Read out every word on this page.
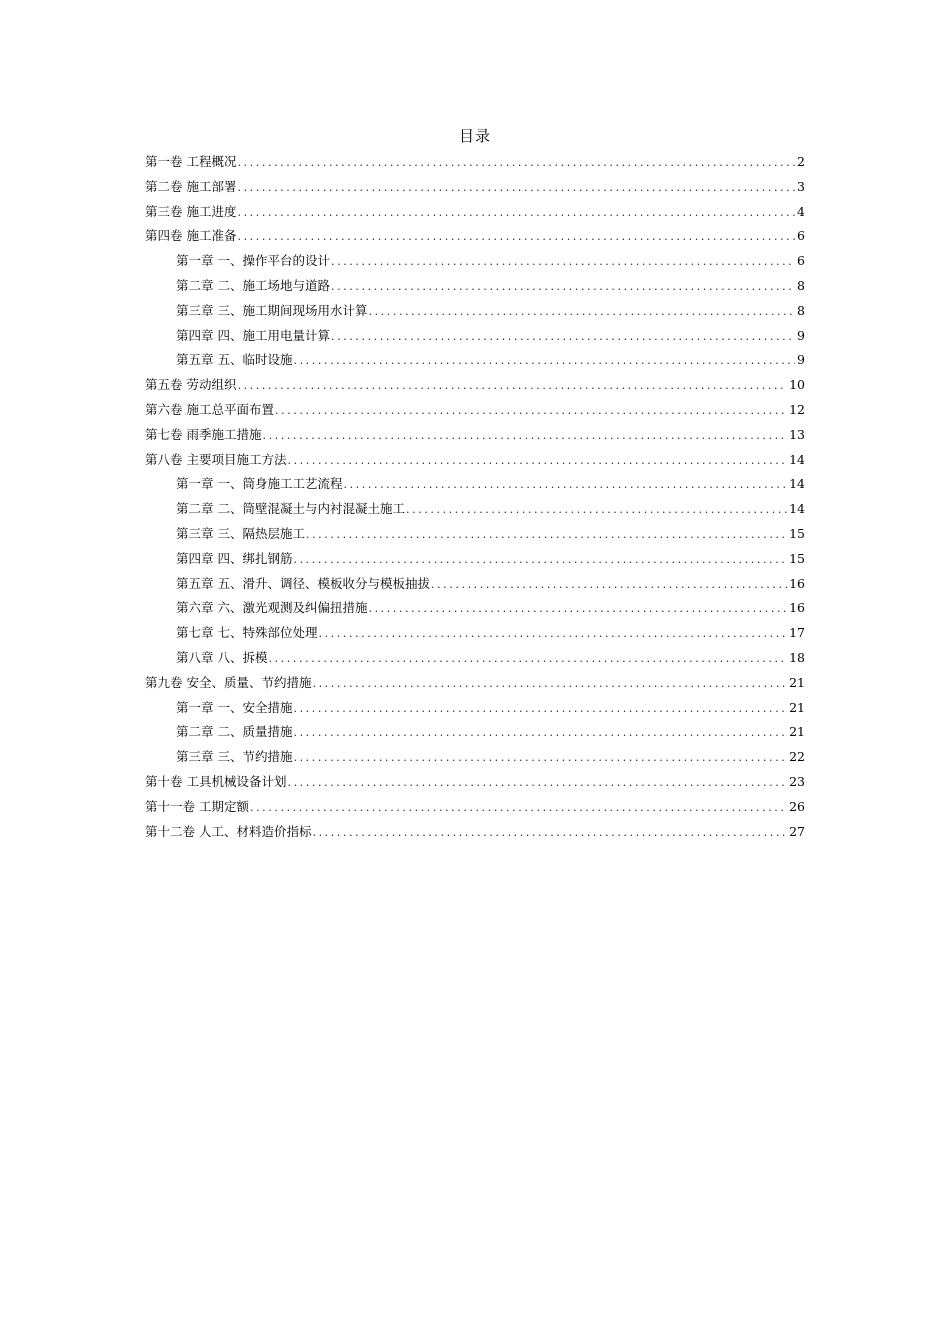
目录
第一卷 工程概况 .....	2
第二卷 施工部署 .....	3
第三卷 施工进度 .....	4
第四卷 施工准备 .....	6
第一章 一、操作平台的设计 .....	6
第二章 二、施工场地与道路 .....	8
第三章 三、施工期间现场用水计算 .....	8
第四章 四、施工用电量计算 .....	9
第五章 五、临时设施 .....	9
第五卷 劳动组织 .....	10
第六卷 施工总平面布置 .....	12
第七卷 雨季施工措施 .....	13
第八卷 主要项目施工方法 .....	14
第一章 一、筒身施工工艺流程 .....	14
第二章 二、筒壁混凝土与内衬混凝土施工 .....	14
第三章 三、隔热层施工 .....	15
第四章 四、绑扎钢筋 .....	15
第五章 五、滑升、调径、模板收分与模板抽拔 .....	16
第六章 六、激光观测及纠偏扭措施 .....	16
第七章 七、特殊部位处理 .....	17
第八章 八、拆模 .....	18
第九卷 安全、质量、节约措施 .....	21
第一章 一、安全措施 .....	21
第二章 二、质量措施 .....	21
第三章 三、节约措施 .....	22
第十卷 工具机械设备计划 .....	23
第十一卷 工期定额 .....	26
第十二卷 人工、材料造价指标 .....	27
